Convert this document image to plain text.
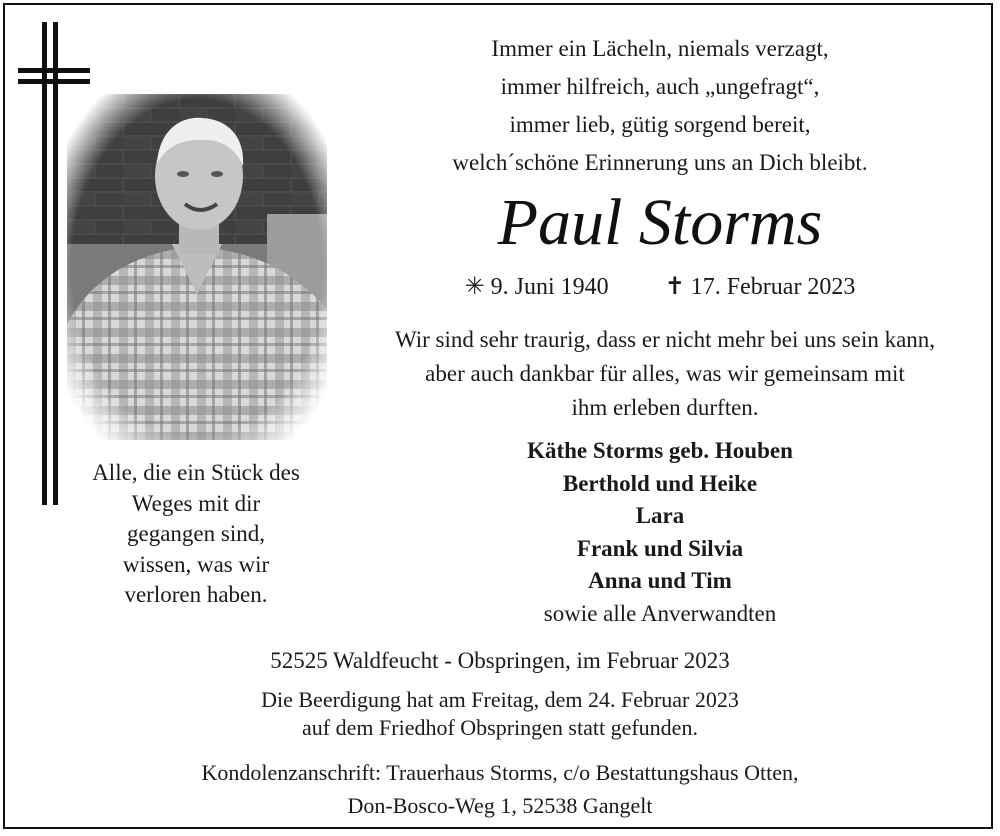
Immer ein Lächeln, niemals verzagt,
immer hilfreich, auch „ungefragt“,
immer lieb, gütig sorgend bereit,
welch´schöne Erinnerung uns an Dich bleibt.
Paul Storms
✳ 9. Juni 1940 ✝ 17. Februar 2023
Wir sind sehr traurig, dass er nicht mehr bei uns sein kann,
aber auch dankbar für alles, was wir gemeinsam mit
ihm erleben durften.
Käthe Storms geb. Houben
Berthold und Heike
Lara
Frank und Silvia
Anna und Tim
sowie alle Anverwandten
Alle, die ein Stück des
Weges mit dir
gegangen sind,
wissen, was wir
verloren haben.
52525 Waldfeucht - Obspringen, im Februar 2023
Die Beerdigung hat am Freitag, dem 24. Februar 2023
auf dem Friedhof Obspringen statt gefunden.
Kondolenzanschrift: Trauerhaus Storms, c/o Bestattungshaus Otten,
Don-Bosco-Weg 1, 52538 Gangelt
